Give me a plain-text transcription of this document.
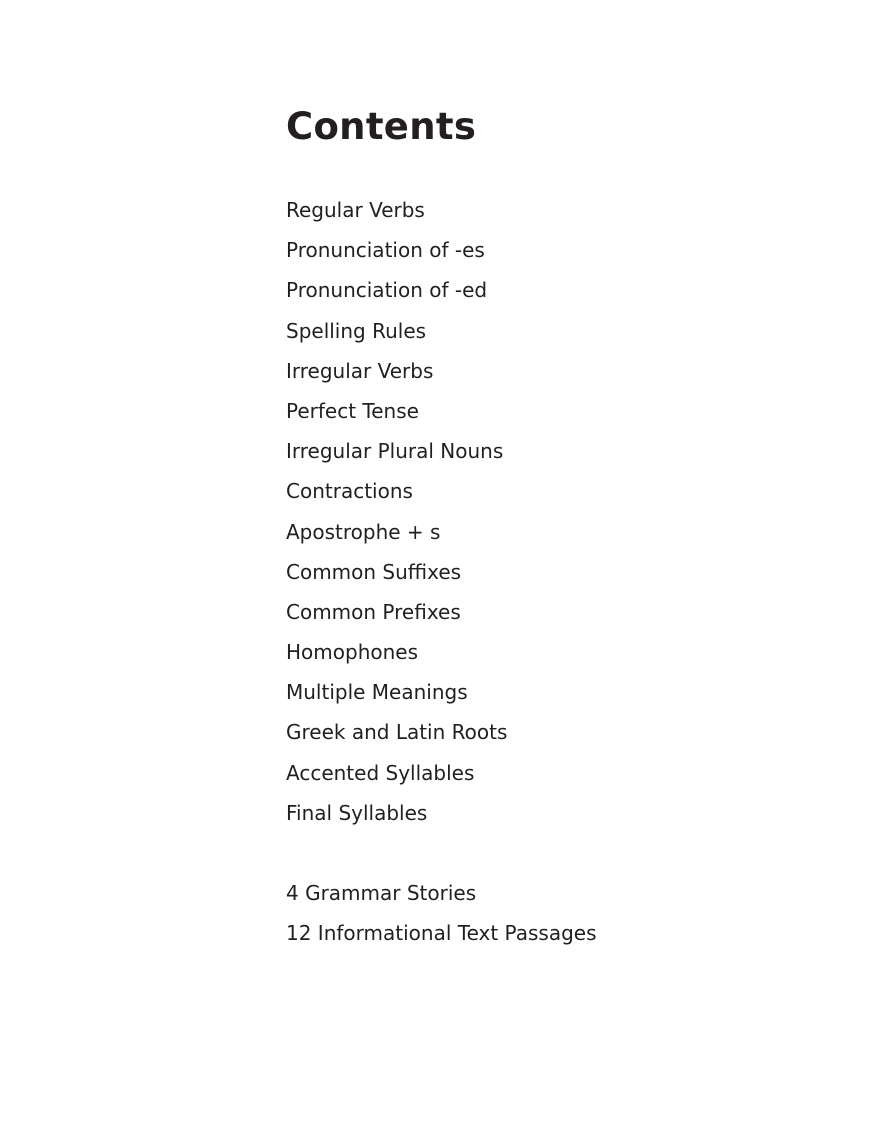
Contents
Regular Verbs
Pronunciation of -es
Pronunciation of -ed
Spelling Rules
Irregular Verbs
Perfect Tense
Irregular Plural Nouns
Contractions
Apostrophe + s
Common Suffixes
Common Prefixes
Homophones
Multiple Meanings
Greek and Latin Roots
Accented Syllables
Final Syllables
4 Grammar Stories
12 Informational Text Passages
